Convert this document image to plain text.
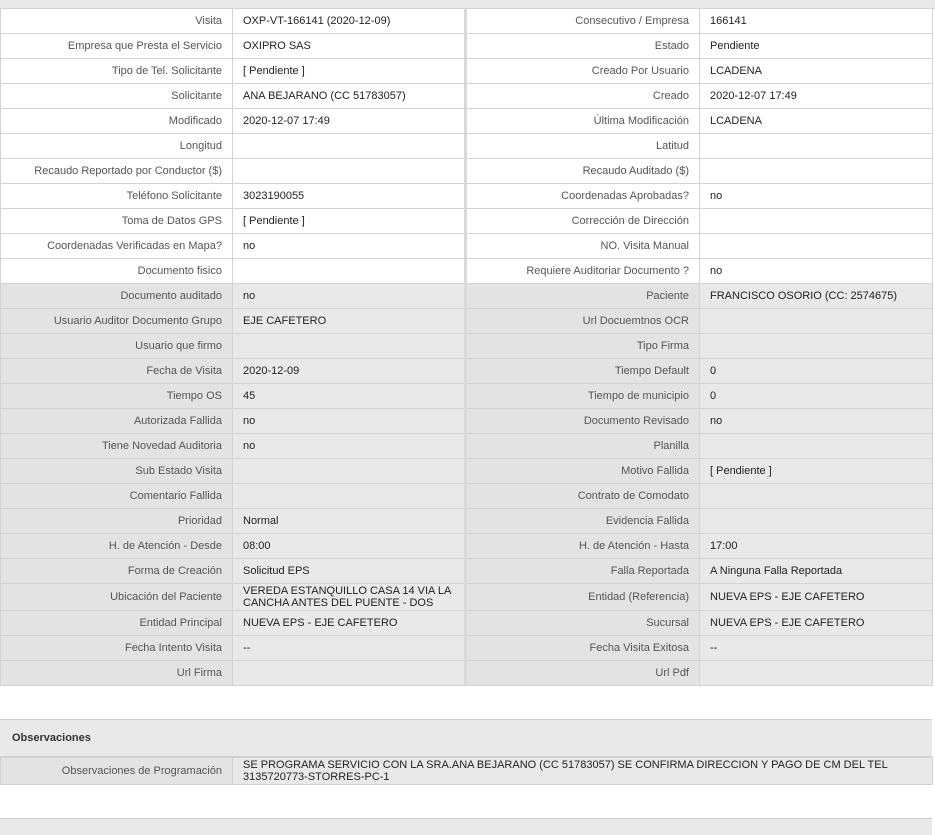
Visita	OXP-VT-166141 (2020-12-09)	Consecutivo / Empresa	166141
Empresa que Presta el Servicio	OXIPRO SAS	Estado	Pendiente
Tipo de Tel. Solicitante	[ Pendiente ]	Creado Por Usuario	LCADENA
Solicitante	ANA BEJARANO (CC 51783057)	Creado	2020-12-07 17:49
Modificado	2020-12-07 17:49	Última Modificación	LCADENA
Longitud		Latitud	
Recaudo Reportado por Conductor ($)		Recaudo Auditado ($)	
Teléfono Solicitante	3023190055	Coordenadas Aprobadas?	no
Toma de Datos GPS	[ Pendiente ]	Corrección de Dirección	
Coordenadas Verificadas en Mapa?	no	NO. Visita Manual	
Documento fisico		Requiere Auditoriar Documento ?	no
Documento auditado	no	Paciente	FRANCISCO OSORIO (CC: 2574675)
Usuario Auditor Documento Grupo	EJE CAFETERO	Url Docuemtnos OCR	
Usuario que firmo		Tipo Firma	
Fecha de Visita	2020-12-09	Tiempo Default	0
Tiempo OS	45	Tiempo de municipio	0
Autorizada Fallida	no	Documento Revisado	no
Tiene Novedad Auditoria	no	Planilla	
Sub Estado Visita		Motivo Fallida	[ Pendiente ]
Comentario Fallida		Contrato de Comodato	
Prioridad	Normal	Evidencia Fallida	
H. de Atención - Desde	08:00	H. de Atención - Hasta	17:00
Forma de Creación	Solicitud EPS	Falla Reportada	A Ninguna Falla Reportada
Ubicación del Paciente	VEREDA ESTANQUILLO CASA 14 VIA LA CANCHA ANTES DEL PUENTE - DOS	Entidad (Referencia)	NUEVA EPS - EJE CAFETERO
Entidad Principal	NUEVA EPS - EJE CAFETERO	Sucursal	NUEVA EPS - EJE CAFETERO
Fecha Intento Visita	--	Fecha Visita Exitosa	--
Url Firma		Url Pdf	
Observaciones
Observaciones de Programación	SE PROGRAMA SERVICIO CON LA SRA.ANA BEJARANO (CC 51783057) SE CONFIRMA DIRECCION Y PAGO DE CM DEL TEL 3135720773-STORRES-PC-1
